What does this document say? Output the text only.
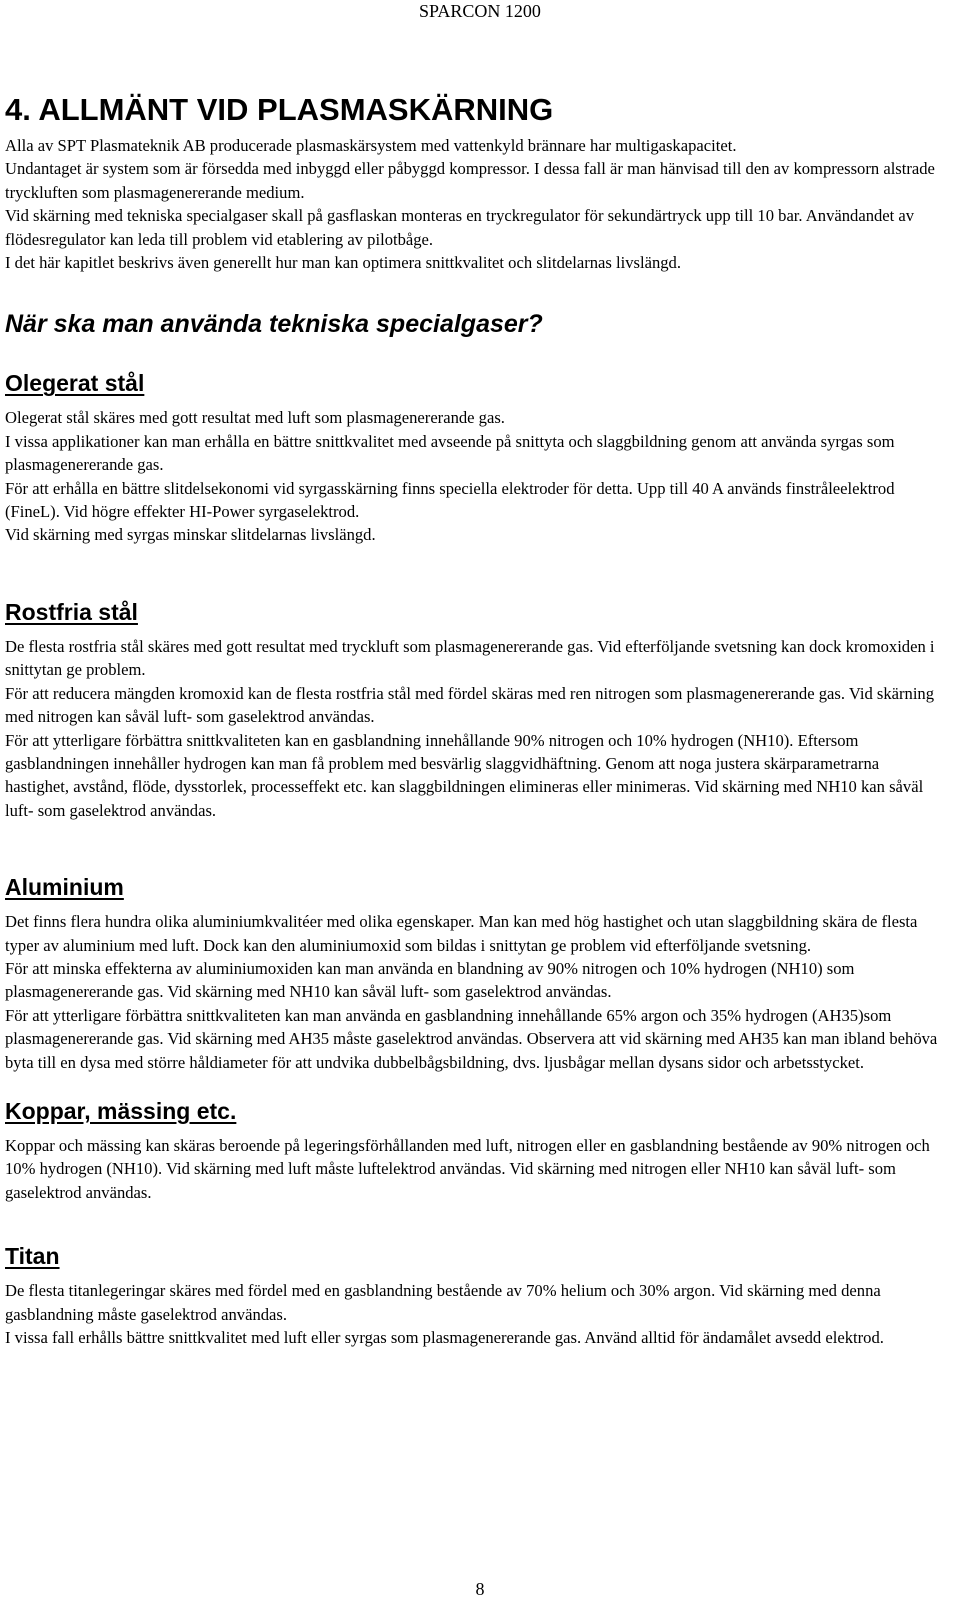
SPARCON 1200
4. ALLMÄNT VID PLASMASKÄRNING

Alla av SPT Plasmateknik AB producerade plasmaskärsystem med vattenkyld brännare har multigaskapacitet.

Undantaget är system som är försedda med inbyggd eller påbyggd kompressor. I dessa fall är man hänvisad till den av kompressorn alstrade tryckluften som plasmagenererande medium.

Vid skärning med tekniska specialgaser skall på gasflaskan monteras en tryckregulator för sekundärtryck upp till 10 bar. Användandet av flödesregulator kan leda till problem vid etablering av pilotbåge.

I det här kapitlet beskrivs även generellt hur man kan optimera snittkvalitet och slitdelarnas livslängd.

När ska man använda tekniska specialgaser?
Olegerat stål

Olegerat stål skäres med gott resultat med luft som plasmagenererande gas.

I vissa applikationer kan man erhålla en bättre snittkvalitet med avseende på snittyta och slaggbildning genom att använda syrgas som plasmagenererande gas.

För att erhålla en bättre slitdelsekonomi vid syrgasskärning finns speciella elektroder för detta. Upp till 40 A används finstråleelektrod (FineL). Vid högre effekter HI-Power syrgaselektrod.

Vid skärning med syrgas minskar slitdelarnas livslängd.

Rostfria stål

De flesta rostfria stål skäres med gott resultat med tryckluft som plasmagenererande gas. Vid efterföljande svetsning kan dock kromoxiden i snittytan ge problem.

För att reducera mängden kromoxid kan de flesta rostfria stål med fördel skäras med ren nitrogen som plasmagenererande gas. Vid skärning med nitrogen kan såväl luft- som gaselektrod användas.

För att ytterligare förbättra snittkvaliteten kan en gasblandning innehållande 90% nitrogen och 10% hydrogen (NH10). Eftersom gasblandningen innehåller hydrogen kan man få problem med besvärlig slaggvidhäftning. Genom att noga justera skärparametrarna hastighet, avstånd, flöde, dysstorlek, processeffekt etc. kan slaggbildningen elimineras eller minimeras. Vid skärning med NH10 kan såväl luft- som gaselektrod användas.

Aluminium

Det finns flera hundra olika aluminiumkvalitéer med olika egenskaper. Man kan med hög hastighet och utan slaggbildning skära de flesta typer av aluminium med luft. Dock kan den aluminiumoxid som bildas i snittytan ge problem vid efterföljande svetsning.

För att minska effekterna av aluminiumoxiden kan man använda en blandning av 90% nitrogen och 10% hydrogen (NH10) som plasmagenererande gas. Vid skärning med NH10 kan såväl luft- som gaselektrod användas.

För att ytterligare förbättra snittkvaliteten kan man använda en gasblandning innehållande 65% argon och 35% hydrogen (AH35)som plasmagenererande gas. Vid skärning med AH35 måste gaselektrod användas. Observera att vid skärning med AH35 kan man ibland behöva byta till en dysa med större håldiameter för att undvika dubbelbågsbildning, dvs. ljusbågar mellan dysans sidor och arbetsstycket.

Koppar, mässing etc.

Koppar och mässing kan skäras beroende på legeringsförhållanden med luft, nitrogen eller en gasblandning bestående av 90% nitrogen och 10% hydrogen (NH10). Vid skärning med luft måste luftelektrod användas. Vid skärning med nitrogen eller NH10 kan såväl luft- som gaselektrod användas.

Titan

De flesta titanlegeringar skäres med fördel med en gasblandning bestående av 70% helium och 30% argon. Vid skärning med denna gasblandning måste gaselektrod användas.

I vissa fall erhålls bättre snittkvalitet med luft eller syrgas som plasmagenererande gas. Använd alltid för ändamålet avsedd elektrod.

8
